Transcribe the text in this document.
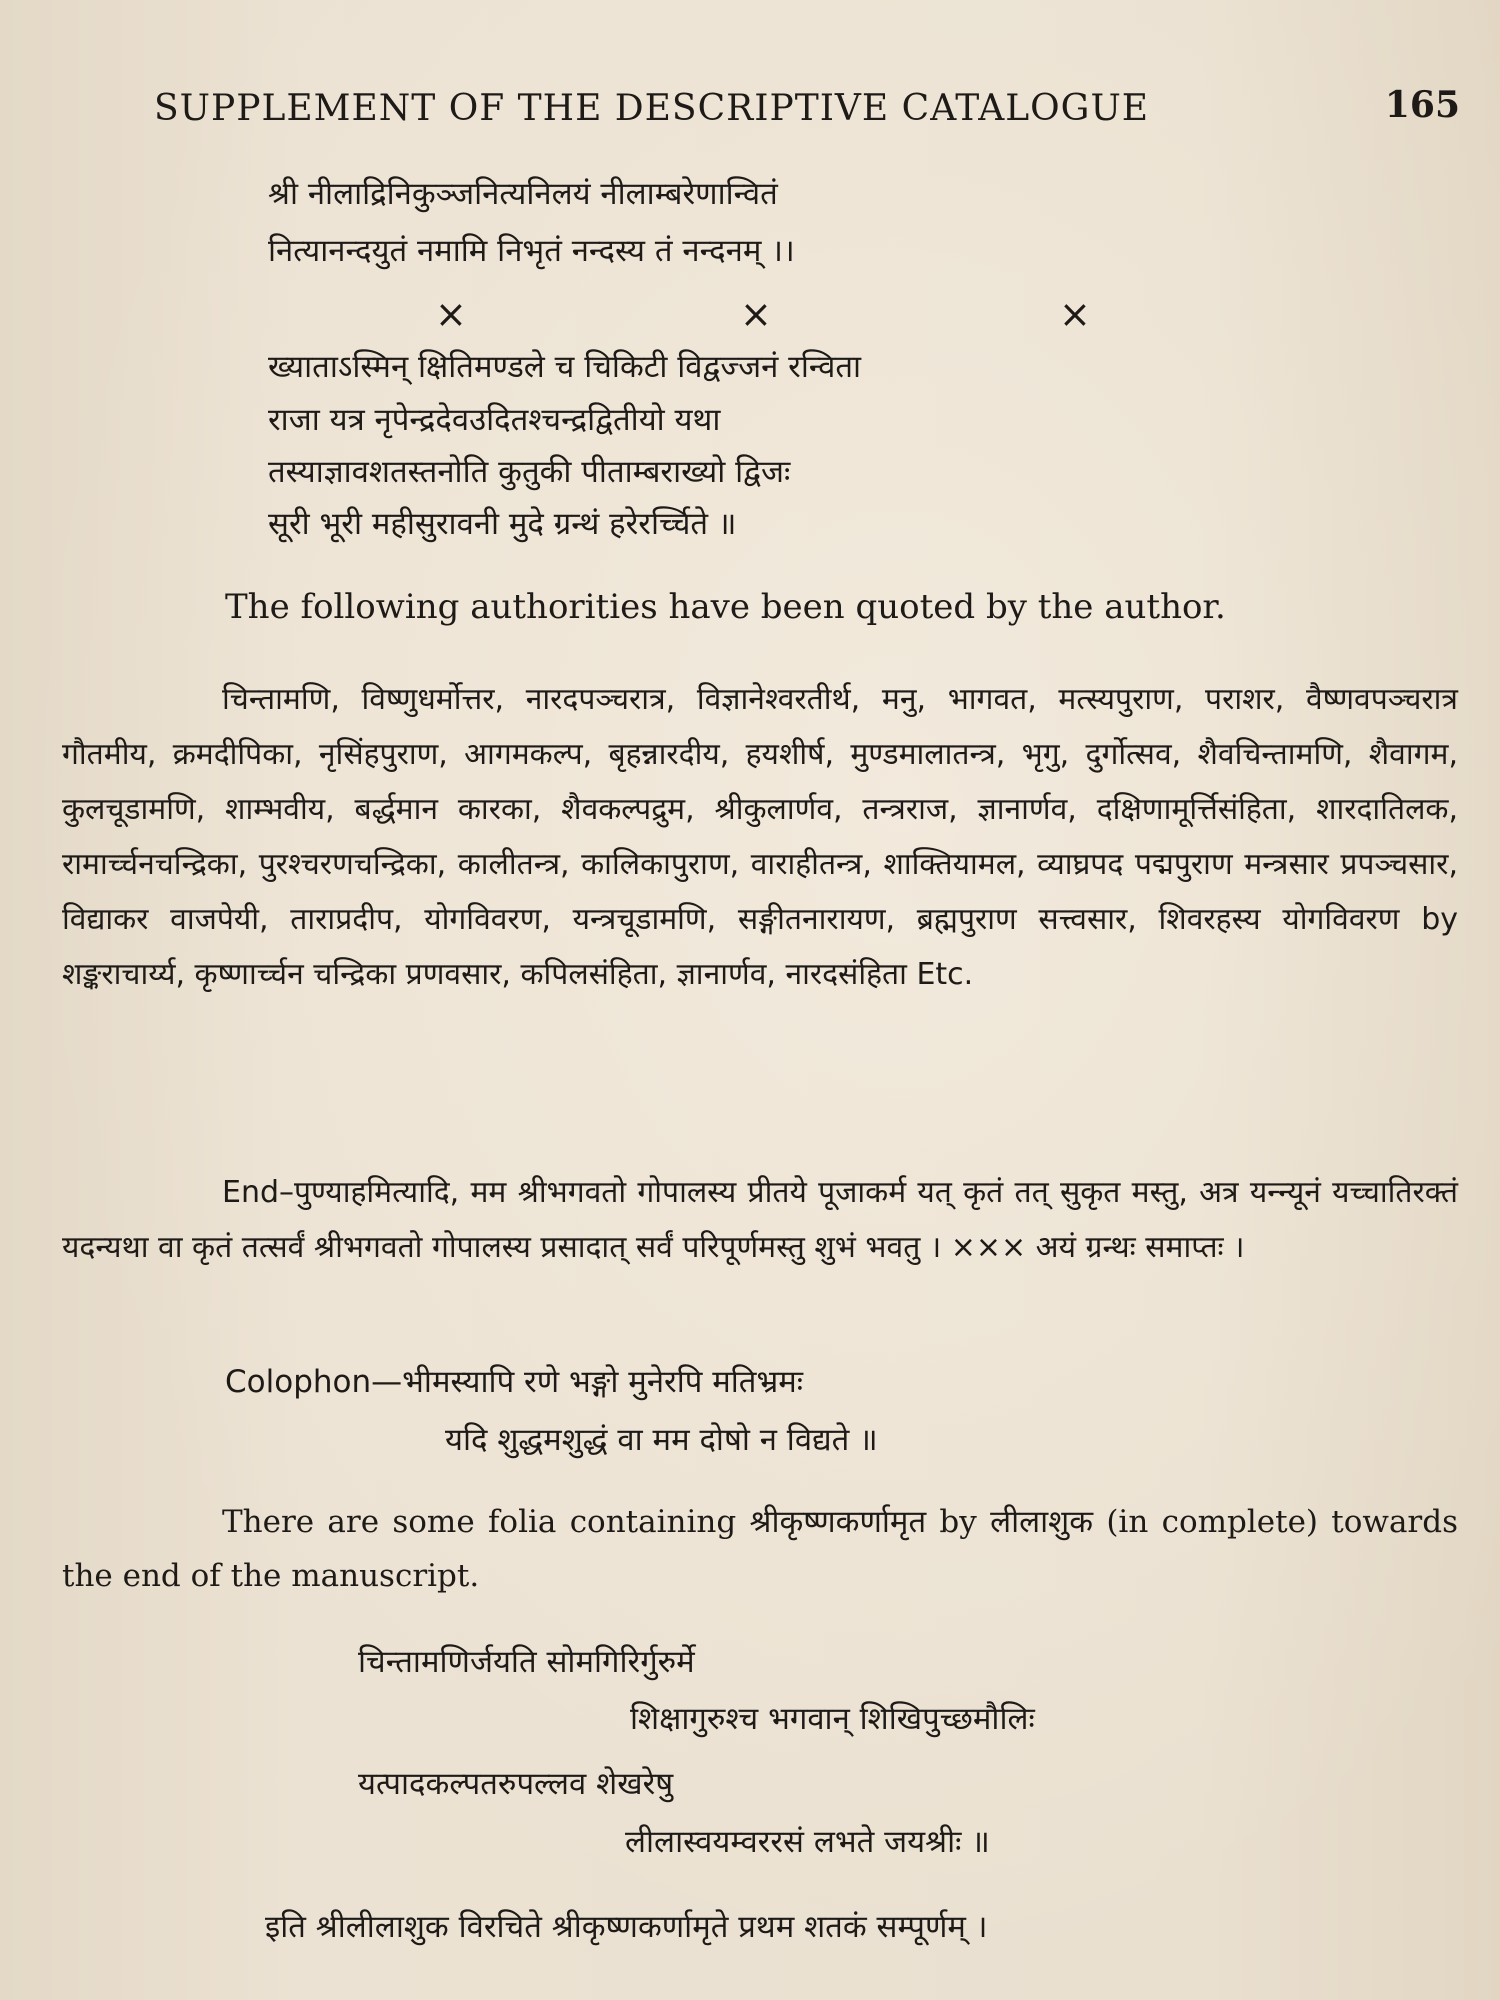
SUPPLEMENT OF THE DESCRIPTIVE CATALOGUE	165
श्री नीलाद्रिनिकुञ्जनित्यनिलयं नीलाम्बरेणान्वितं
नित्यानन्दयुतं नमामि निभृतं नन्दस्य तं नन्दनम् ।।
×	×	×
ख्याताऽस्मिन् क्षितिमण्डले च चिकिटी विद्वज्जनं रन्विता
राजा यत्र नृपेन्द्रदेवउदितश्चन्द्रद्वितीयो यथा
तस्याज्ञावशतस्तनोति कुतुकी पीताम्बराख्यो द्विजः
सूरी भूरी महीसुरावनी मुदे ग्रन्थं हरेरर्च्चिते ॥
The following authorities have been quoted by the author.
चिन्तामणि, विष्णुधर्मोत्तर, नारदपञ्चरात्र, विज्ञानेश्वरतीर्थ, मनु, भागवत, मत्स्यपुराण, पराशर, वैष्णवपञ्चरात्र गौतमीय, क्रमदीपिका, नृसिंहपुराण, आगमकल्प, बृहन्नारदीय, हयशीर्ष, मुण्डमालातन्त्र, भृगु, दुर्गोत्सव, शैवचिन्तामणि, शैवागम, कुलचूडामणि, शाम्भवीय, बर्द्धमान कारका, शैवकल्पद्रुम, श्रीकुलार्णव, तन्त्रराज, ज्ञानार्णव, दक्षिणामूर्त्तिसंहिता, शारदातिलक, रामार्च्चनचन्द्रिका, पुरश्चरणचन्द्रिका, कालीतन्त्र, कालिकापुराण, वाराहीतन्त्र, शाक्तियामल, व्याघ्रपद पद्मपुराण मन्त्रसार प्रपञ्चसार, विद्याकर वाजपेयी, ताराप्रदीप, योगविवरण, यन्त्रचूडामणि, सङ्गीतनारायण, ब्रह्मपुराण सत्त्वसार, शिवरहस्य योगविवरण by शङ्कराचार्य्य, कृष्णार्च्चन चन्द्रिका प्रणवसार, कपिलसंहिता, ज्ञानार्णव, नारदसंहिता Etc.
End–पुण्याहमित्यादि, मम श्रीभगवतो गोपालस्य प्रीतये पूजाकर्म यत् कृतं तत् सुकृत मस्तु, अत्र यन्न्यूनं यच्चातिरक्तं यदन्यथा वा कृतं तत्सर्वं श्रीभगवतो गोपालस्य प्रसादात् सर्वं परिपूर्णमस्तु शुभं भवतु । ××× अयं ग्रन्थः समाप्तः ।
Colophon—भीमस्यापि रणे भङ्गो मुनेरपि मतिभ्रमः
यदि शुद्धमशुद्धं वा मम दोषो न विद्यते ॥
There are some folia containing श्रीकृष्णकर्णामृत by लीलाशुक (in complete) towards the end of the manuscript.
चिन्तामणिर्जयति सोमगिरिर्गुरुर्मे
शिक्षागुरुश्च भगवान् शिखिपुच्छमौलिः
यत्पादकल्पतरुपल्लव शेखरेषु
लीलास्वयम्वररसं लभते जयश्रीः ॥
इति श्रीलीलाशुक विरचिते श्रीकृष्णकर्णामृते प्रथम शतकं सम्पूर्णम् ।
